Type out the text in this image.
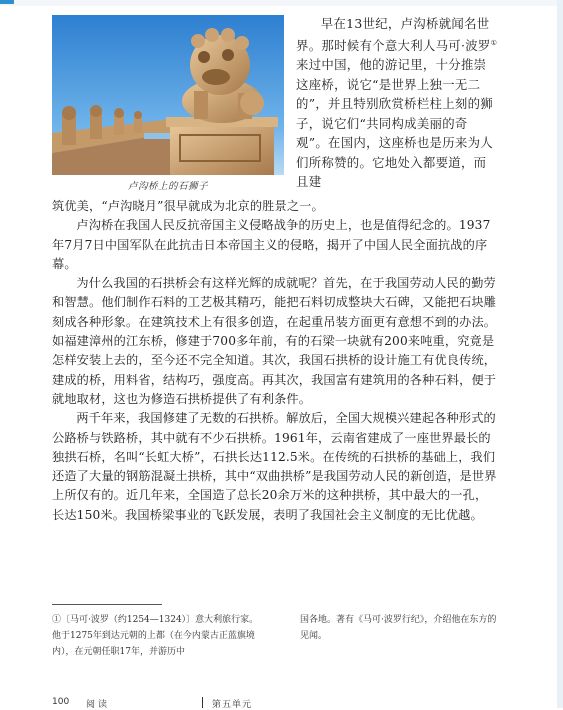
卢沟桥上的石狮子

早在13世纪，卢沟桥就闻名世界。那时候有个意大利人马可·波罗①来过中国，他的游记里，十分推崇这座桥，说它“是世界上独一无二的”，并且特别欣赏桥栏柱上刻的狮子，说它们“共同构成美丽的奇观”。在国内，这座桥也是历来为人们所称赞的。它地处入都要道，而且建

筑优美，“卢沟晓月”很早就成为北京的胜景之一。

卢沟桥在我国人民反抗帝国主义侵略战争的历史上，也是值得纪念的。1937年7月7日中国军队在此抗击日本帝国主义的侵略，揭开了中国人民全面抗战的序幕。

为什么我国的石拱桥会有这样光辉的成就呢？首先，在于我国劳动人民的勤劳和智慧。他们制作石料的工艺极其精巧，能把石料切成整块大石碑，又能把石块雕刻成各种形象。在建筑技术上有很多创造，在起重吊装方面更有意想不到的办法。如福建漳州的江东桥，修建于700多年前，有的石梁一块就有200来吨重，究竟是怎样安装上去的，至今还不完全知道。其次，我国石拱桥的设计施工有优良传统，建成的桥，用料省，结构巧，强度高。再其次，我国富有建筑用的各种石料，便于就地取材，这也为修造石拱桥提供了有利条件。

两千年来，我国修建了无数的石拱桥。解放后，全国大规模兴建起各种形式的公路桥与铁路桥，其中就有不少石拱桥。1961年，云南省建成了一座世界最长的独拱石桥，名叫“长虹大桥”，石拱长达112.5米。在传统的石拱桥的基础上，我们还造了大量的钢筋混凝土拱桥，其中“双曲拱桥”是我国劳动人民的新创造，是世界上所仅有的。近几年来，全国造了总长20余万米的这种拱桥，其中最大的一孔，长达150米。我国桥梁事业的飞跃发展，表明了我国社会主义制度的无比优越。

①〔马可·波罗（约1254—1324）〕意大利旅行家。他于1275年到达元朝的上都（在今内蒙古正蓝旗境内），在元朝任职17年，并游历中

国各地。著有《马可·波罗行纪》，介绍他在东方的见闻。

100 阅读	第五单元
